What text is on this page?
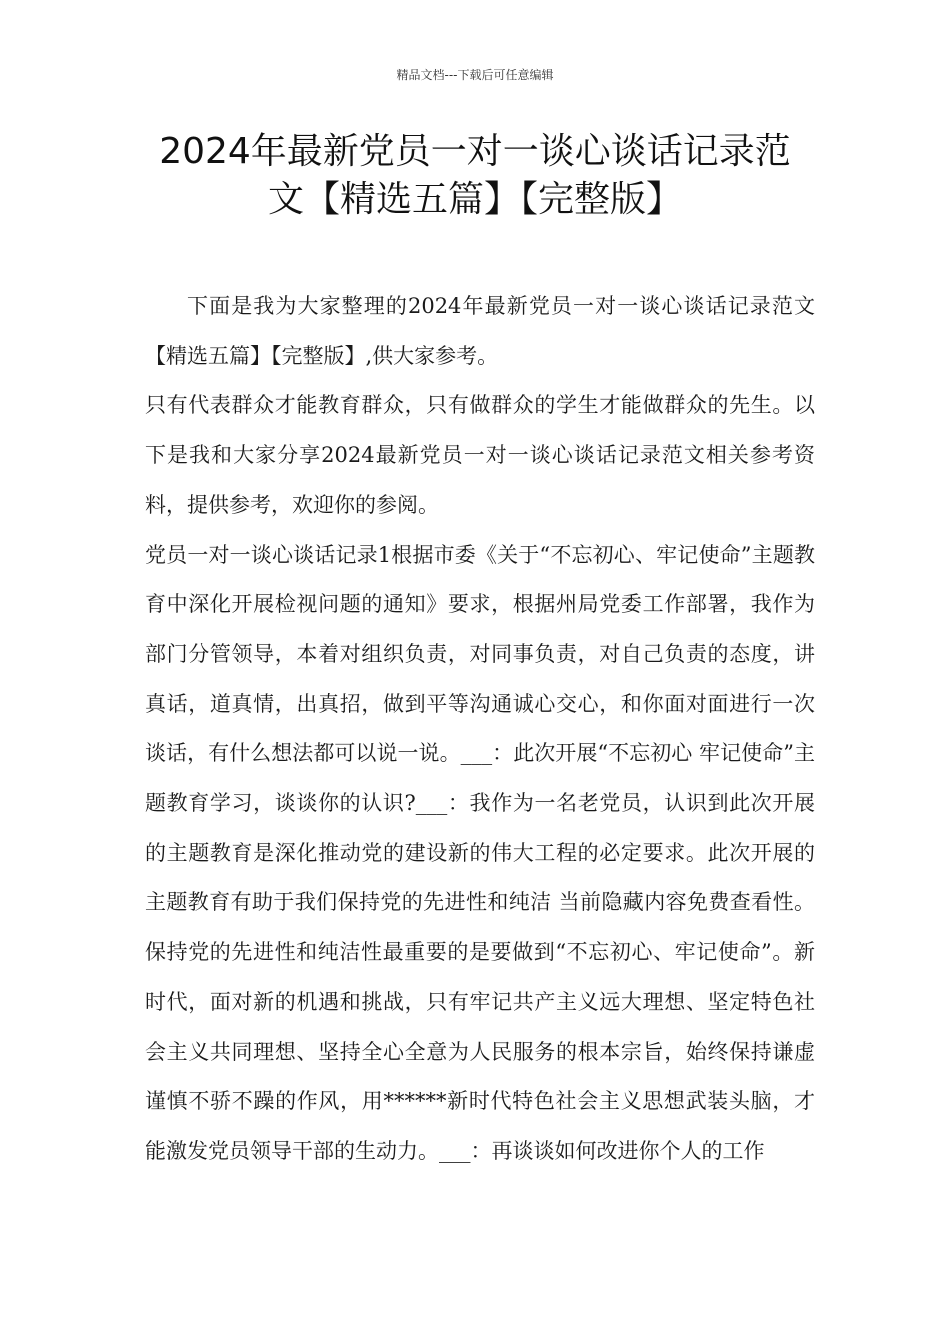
精品文档---下载后可任意编辑
2024年最新党员一对一谈心谈话记录范
文【精选五篇】【完整版】

下面是我为大家整理的2024年最新党员一对一谈心谈话记录范文【精选五篇】【完整版】,供大家参考。

只有代表群众才能教育群众，只有做群众的学生才能做群众的先生。以下是我和大家分享2024最新党员一对一谈心谈话记录范文相关参考资料，提供参考，欢迎你的参阅。

党员一对一谈心谈话记录1根据市委《关于“不忘初心、牢记使命”主题教育中深化开展检视问题的通知》要求，根据州局党委工作部署，我作为部门分管领导，本着对组织负责，对同事负责，对自己负责的态度，讲真话，道真情，出真招，做到平等沟通诚心交心，和你面对面进行一次谈话，有什么想法都可以说一说。___：此次开展“不忘初心 牢记使命”主题教育学习，谈谈你的认识?___：我作为一名老党员，认识到此次开展的主题教育是深化推动党的建设新的伟大工程的必定要求。此次开展的主题教育有助于我们保持党的先进性和纯洁 当前隐藏内容免费查看性。保持党的先进性和纯洁性最重要的是要做到“不忘初心、牢记使命”。新时代，面对新的机遇和挑战，只有牢记共产主义远大理想、坚定特色社会主义共同理想、坚持全心全意为人民服务的根本宗旨，始终保持谦虚谨慎不骄不躁的作风，用******新时代特色社会主义思想武装头脑，才能激发党员领导干部的生动力。___：再谈谈如何改进你个人的工作
